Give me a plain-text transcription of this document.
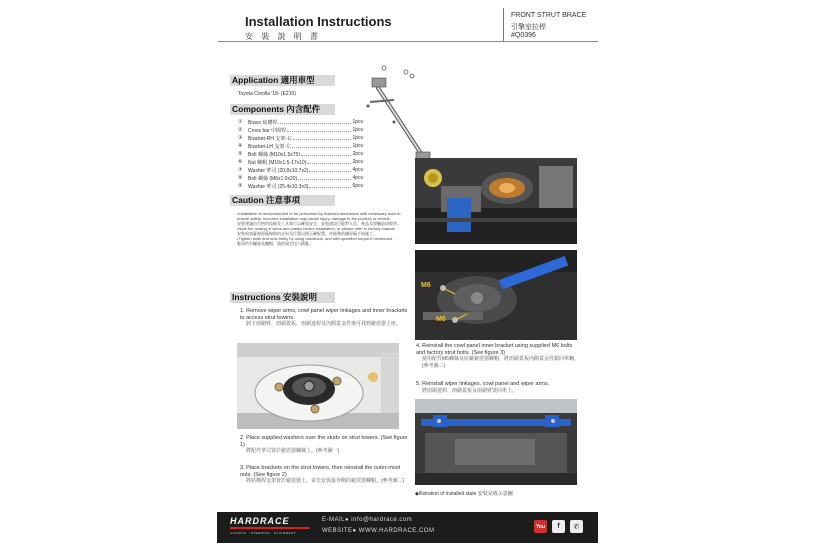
Installation Instructions
安 裝 說 明 書
FRONT STRUT BRACE
引擎室拉桿
#Q0396
Application 適用車型
Toyota Corolla '18- (E210)
Components 內含配件
①	Brace 結構桿	1pcs
②	Cross bar 中間桿	1pcs
③	Bracket-RH 支架-右	1pcs
④	Bracket-LH 支架-左	1pcs
⑤	Bolt 螺絲 (M10x1.5x75)	2pcs
⑥	Nut 螺帽 (M10x1.5-17x10)	2pcs
⑦	Washer 華司 (20.8x10.7x2)	4pcs
⑧	Bolt 螺絲 (M6x1.0x20)	4pcs
⑨	Washer 華司 (25.4x10.3x3)	6pcs
Caution 注意事項
•Installation is recommended to be performed by licensed mechanics with necessary tools to ensure safety. Incorrect installation may cause injury, damage to the product or vehicle.
安裝建議由合格的技師及工具執行以確保安全，安裝錯誤可能對人員、產品及車輛造成傷害。
•Note the routing of wires and cables before installation, or please refer to factory manual.
安裝前請審視原廠線路的走向及位置以便正確配置，亦能夠依據原廠手冊施工。
•Tighten bolts and nuts firmly by using handtools, and with specified torque if mentioned.
緊固所有螺絲及螺帽，請依規定扭力鎖緊。
Instructions 安裝說明
1. Remove wiper arms, cowl panel wiper linkages and inner brackets to access strut towers.
卸下雨刷臂、雨刷蓋板、雨刷連桿及內側蓋金件後可找到避震器上座。
2. Place supplied washers over the studs on strut towers. (See figure 1)
將配件華司置於避震器螺絲上。(參考圖一)
3. Place brackets on the strut towers, then reinstall the outer-most nuts. (See figure 2)
將結構桿支架置於避震器上，並先安裝最外側的避震器螺帽。(參考圖二)
M6
M6
4. Reinstall the cowl panel inner bracket using supplied M6 bolts and factory strut bolts. (See figure 3)
使用配件M6螺絲及原廠避震器螺帽，將雨刷蓋板內側蓋金件鎖回車輛。(參考圖三)
5. Reinstall wiper linkages, cowl panel and wiper arms.
將雨刷連桿、雨刷蓋板及雨刷臂裝回車上。
◆Illstration of installed state 安裝完成示意圖
HARDRACE
CHASSIS · STEERING · ALIGNMENT
E-MAIL● info@hardrace.com
WEBSITE● WWW.HARDRACE.COM
You	f	✆
